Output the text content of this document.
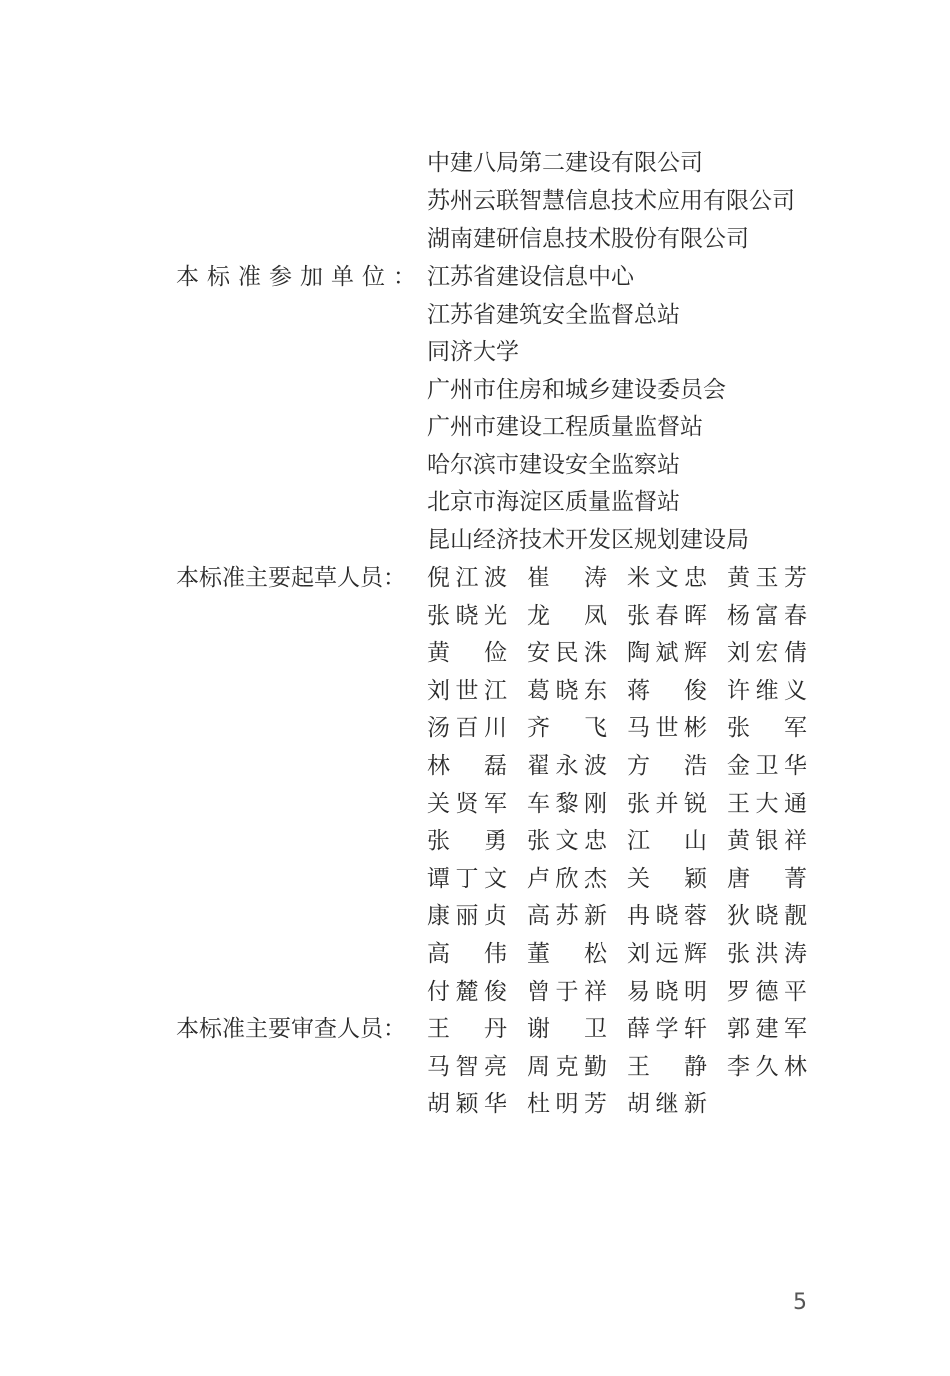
中建八局第二建设有限公司
苏州云联智慧信息技术应用有限公司
湖南建研信息技术股份有限公司
本标准参加单位： 江苏省建设信息中心
江苏省建筑安全监督总站
同济大学
广州市住房和城乡建设委员会
广州市建设工程质量监督站
哈尔滨市建设安全监察站
北京市海淀区质量监督站
昆山经济技术开发区规划建设局
本标准主要起草人员： 倪江波 崔涛 米文忠 黄玉芳
张晓光 龙凤 张春晖 杨富春
黄俭 安民洙 陶斌辉 刘宏倩
刘世江 葛晓东 蒋俊 许维义
汤百川 齐飞 马世彬 张军
林磊 翟永波 方浩 金卫华
关贤军 车黎刚 张并锐 王大通
张勇 张文忠 江山 黄银祥
谭丁文 卢欣杰 关颖 唐菁
康丽贞 高苏新 冉晓蓉 狄晓靓
高伟 董松 刘远辉 张洪涛
付麓俊 曾于祥 易晓明 罗德平
本标准主要审查人员： 王丹 谢卫 薛学轩 郭建军
马智亮 周克勤 王静 李久林
胡颖华 杜明芳 胡继新
5
